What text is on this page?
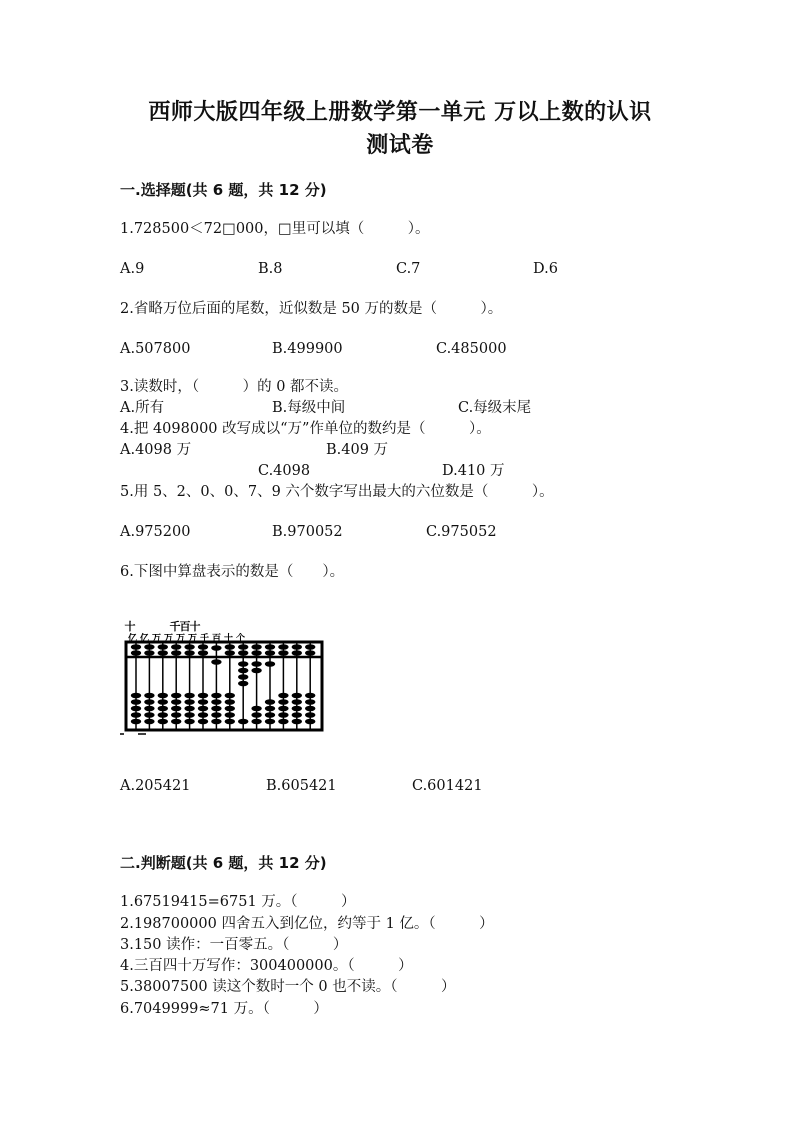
西师大版四年级上册数学第一单元 万以上数的认识
测试卷
一.选择题(共 6 题，共 12 分)
1.728500＜72□000，□里可以填（　　　）。
A.9	B.8	C.7	D.6
2.省略万位后面的尾数，近似数是 50 万的数是（　　　）。
A.507800	B.499900	C.485000
3.读数时，（　　　）的 0 都不读。
A.所有	B.每级中间	C.每级末尾
4.把 4098000 改写成以“万”作单位的数约是（　　　）。
A.4098 万	B.409 万
C.4098	D.410 万
5.用 5、2、0、0、7、9 六个数字写出最大的六位数是（　　　）。
A.975200	B.970052	C.975052
6.下图中算盘表示的数是（　　）。
十	千 百 十
亿 亿 万 万 万 万 千 百 十 个
A.205421	B.605421	C.601421
二.判断题(共 6 题，共 12 分)
1.67519415=6751 万。（　　　）
2.198700000 四舍五入到亿位，约等于 1 亿。（　　　）
3.150 读作：一百零五。（　　　）
4.三百四十万写作：300400000。（　　　）
5.38007500 读这个数时一个 0 也不读。（　　　）
6.7049999≈71 万。（　　　）
